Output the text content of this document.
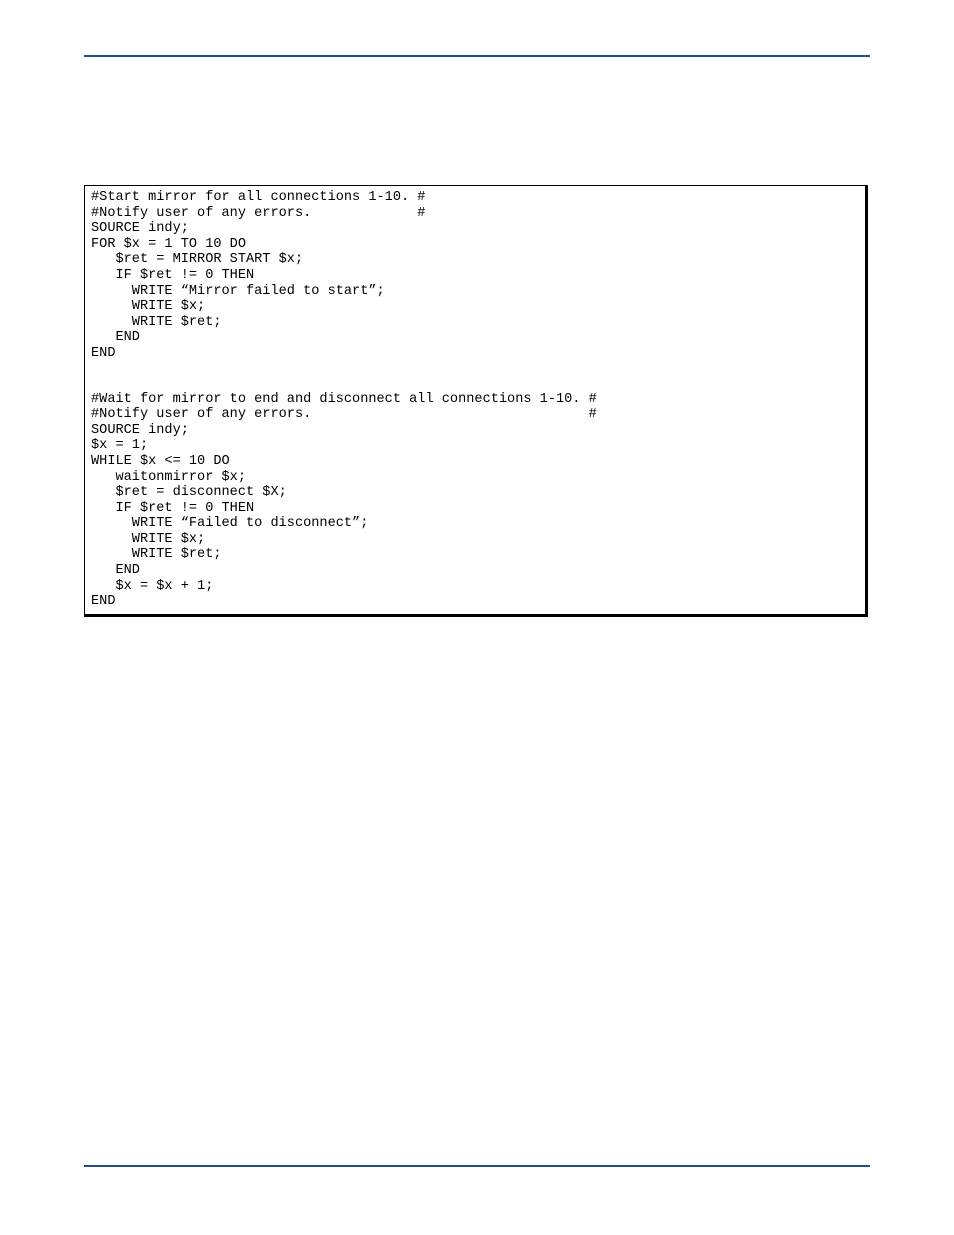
#Start mirror for all connections 1-10. #
#Notify user of any errors.             #
SOURCE indy;
FOR $x = 1 TO 10 DO
$ret = MIRROR START $x;
IF $ret != 0 THEN
WRITE “Mirror failed to start”;
WRITE $x;
WRITE $ret;
END
END
#Wait for mirror to end and disconnect all connections 1-10. #
#Notify user of any errors.                                  #
SOURCE indy;
$x = 1;
WHILE $x <= 10 DO
waitonmirror $x;
$ret = disconnect $X;
IF $ret != 0 THEN
WRITE “Failed to disconnect”;
WRITE $x;
WRITE $ret;
END
$x = $x + 1;
END
